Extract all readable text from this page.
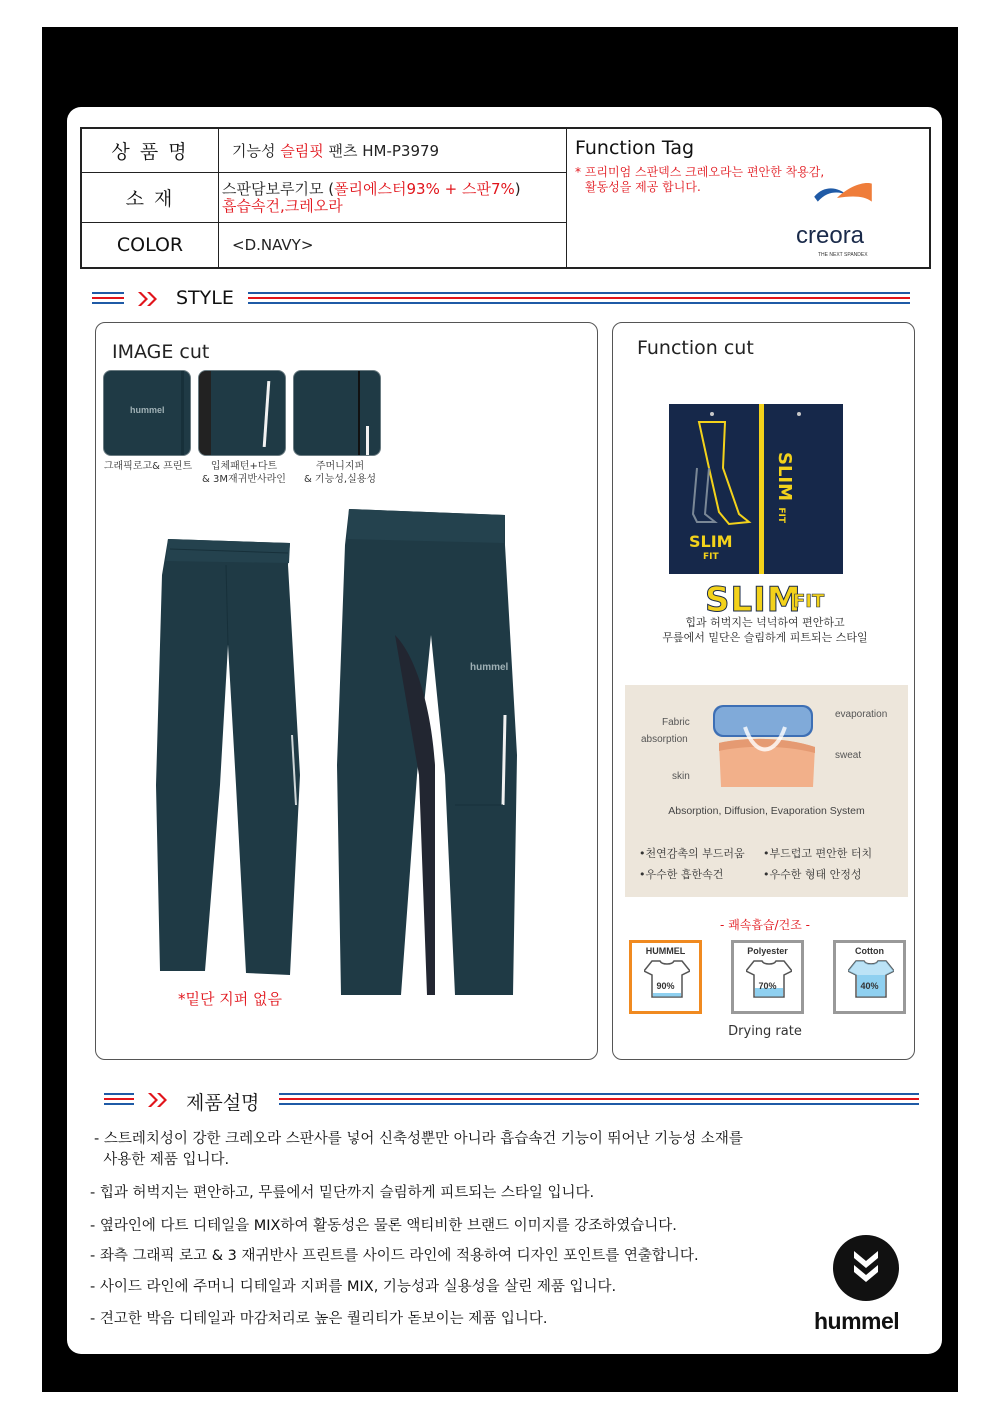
상 품 명	기능성 슬림핏 팬츠 HM-P3979
소 재	스판담보루기모 (폴리에스터93% + 스판7%)
흡습속건,크레오라
COLOR	<D.NAVY>
Function Tag
* 프리미엄 스판덱스 크레오라는 편안한 착용감,
활동성을 제공 합니다.
creora
THE NEXT SPANDEX
STYLE
IMAGE cut
hummel
그래픽로고& 프린트	입체패턴+다트
& 3M재귀반사라인
주머니지퍼
& 기능성,실용성
hummel
*밑단 지퍼 없음
Function cut
SLIM
FIT
SLIM FIT
SLIM
FIT
힙과 허벅지는 넉넉하여 편안하고
무릎에서 밑단은 슬림하게 피트되는 스타일
Fabric
absorption
skin
evaporation
sweat
Absorption, Diffusion, Evaporation System
•천연감촉의 부드러움 •부드럽고 편안한 터치
•우수한 흡한속건	•우수한 형태 안정성
- 쾌속흡습/건조 -
HUMMEL
90%
Polyester
70%
Cotton
40%
Drying rate
제품설명
- 스트레치성이 강한 크레오라 스판사를 넣어 신축성뿐만 아니라 흡습속건 기능이 뛰어난 기능성 소재를
사용한 제품 입니다.
- 힙과 허벅지는 편안하고, 무릎에서 밑단까지 슬림하게 피트되는 스타일 입니다.
- 옆라인에 다트 디테일을 MIX하여 활동성은 물론 액티비한 브랜드 이미지를 강조하였습니다.
- 좌측 그래픽 로고 & 3 재귀반사 프린트를 사이드 라인에 적용하여 디자인 포인트를 연출합니다.
- 사이드 라인에 주머니 디테일과 지퍼를 MIX, 기능성과 실용성을 살린 제품 입니다.
- 견고한 박음 디테일과 마감처리로 높은 퀄리티가 돋보이는 제품 입니다.	hummel
